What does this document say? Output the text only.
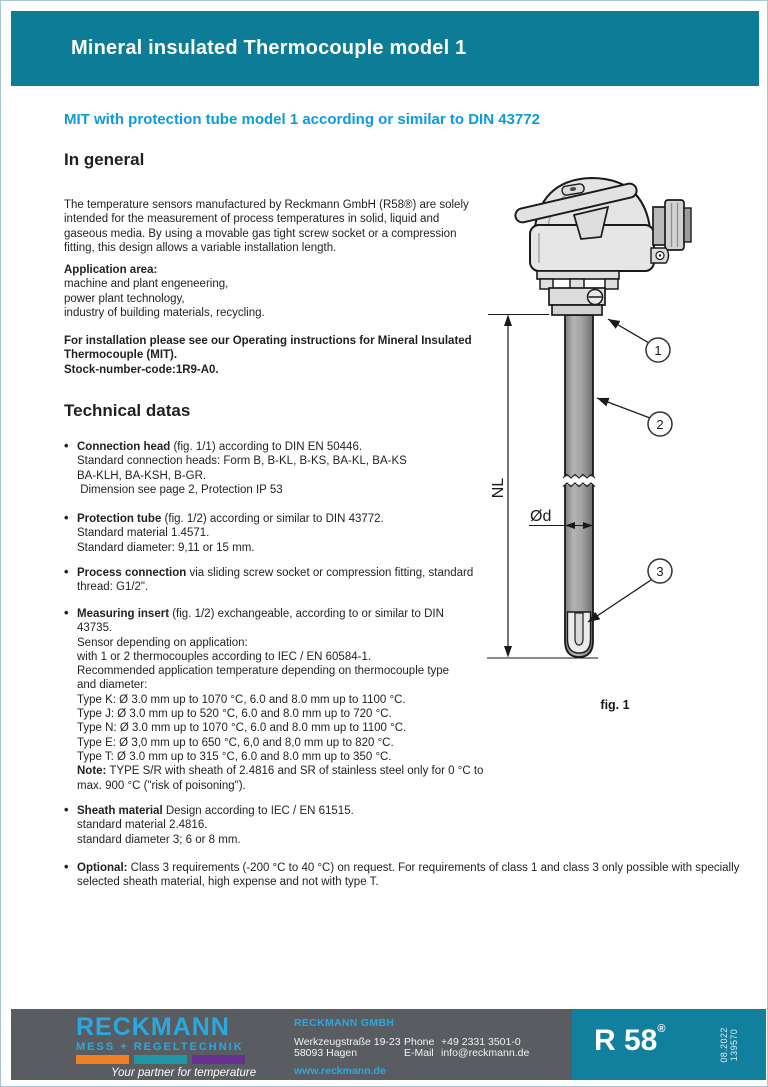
Mineral insulated Thermocouple model 1
MIT with protection tube model 1 according or similar to DIN 43772
In general
The temperature sensors manufactured by Reckmann GmbH (R58®) are solely
intended for the measurement of process temperatures in solid, liquid and
gaseous media. By using a movable gas tight screw socket or a compression
fitting, this design allows a variable installation length.
Application area:
machine and plant engeneering,
power plant technology,
industry of building materials, recycling.
For installation please see our Operating instructions for Mineral Insulated
Thermocouple (MIT).
Stock-number-code:1R9-A0.
Technical datas
• Connection head (fig. 1/1) according to DIN EN 50446.
Standard connection heads: Form B, B-KL, B-KS, BA-KL, BA-KS
BA-KLH, BA-KSH, B-GR.
Dimension see page 2, Protection IP 53
• Protection tube (fig. 1/2) according or similar to DIN 43772.
Standard material 1.4571.
Standard diameter: 9,11 or 15 mm.
• Process connection via sliding screw socket or compression fitting, standard
thread: G1/2".
• Measuring insert (fig. 1/2) exchangeable, according to or similar to DIN
43735.
Sensor depending on application:
with 1 or 2 thermocouples according to IEC / EN 60584-1.
Recommended application temperature depending on thermocouple type
and diameter:
Type K: Ø 3.0 mm up to 1070 °C, 6.0 and 8.0 mm up to 1100 °C.
Type J: Ø 3.0 mm up to 520 °C, 6.0 and 8.0 mm up to 720 °C.
Type N: Ø 3.0 mm up to 1070 °C, 6.0 and 8.0 mm up to 1100 °C.
Type E: Ø 3,0 mm up to 650 °C, 6,0 and 8,0 mm up to 820 °C.
Type T: Ø 3.0 mm up to 315 °C, 6.0 and 8.0 mm up to 350 °C.
Note: TYPE S/R with sheath of 2.4816 and SR of stainless steel only for 0 °C to
max. 900 °C ("risk of poisoning").
• Sheath material Design according to IEC / EN 61515.
standard material 2.4816.
standard diameter 3; 6 or 8 mm.
• Optional: Class 3 requirements (-200 °C to 40 °C) on request. For requirements of class 1 and class 3 only possible with specially
selected sheath material, high expense and not with type T.
NL
Ød
1
2
3
fig. 1
RECKMANN
MESS + REGELTECHNIK
Your partner for temperature
RECKMANN GMBH
Werkzeugstraße 19-23
58093 Hagen
Phone +49 2331 3501-0
E-Mail info@reckmann.de
www.reckmann.de
R 58®	08.2022 139570
